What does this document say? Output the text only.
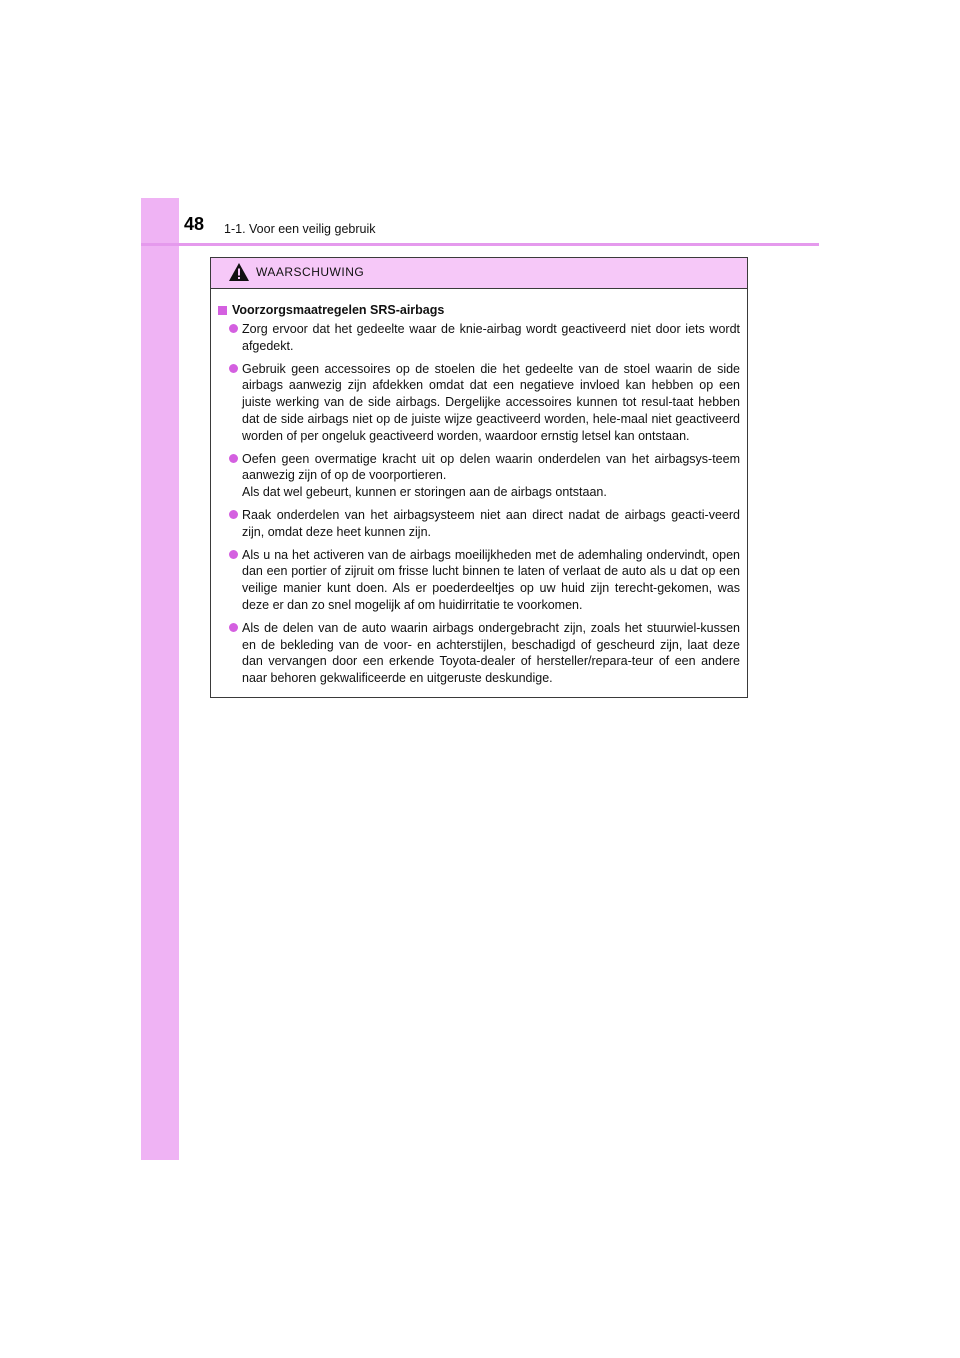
48 1-1. Voor een veilig gebruik
WAARSCHUWING
Voorzorgsmaatregelen SRS-airbags

Zorg ervoor dat het gedeelte waar de knie-airbag wordt geactiveerd niet door iets wordt afgedekt.

Gebruik geen accessoires op de stoelen die het gedeelte van de stoel waarin de side airbags aanwezig zijn afdekken omdat dat een negatieve invloed kan hebben op een juiste werking van de side airbags. Dergelijke accessoires kunnen tot resul-taat hebben dat de side airbags niet op de juiste wijze geactiveerd worden, hele-maal niet geactiveerd worden of per ongeluk geactiveerd worden, waardoor ernstig letsel kan ontstaan.

Oefen geen overmatige kracht uit op delen waarin onderdelen van het airbagsys-teem aanwezig zijn of op de voorportieren.

Als dat wel gebeurt, kunnen er storingen aan de airbags ontstaan.

Raak onderdelen van het airbagsysteem niet aan direct nadat de airbags geacti-veerd zijn, omdat deze heet kunnen zijn.

Als u na het activeren van de airbags moeilijkheden met de ademhaling ondervindt, open dan een portier of zijruit om frisse lucht binnen te laten of verlaat de auto als u dat op een veilige manier kunt doen. Als er poederdeeltjes op uw huid zijn terecht-gekomen, was deze er dan zo snel mogelijk af om huidirritatie te voorkomen.

Als de delen van de auto waarin airbags ondergebracht zijn, zoals het stuurwiel-kussen en de bekleding van de voor- en achterstijlen, beschadigd of gescheurd zijn, laat deze dan vervangen door een erkende Toyota-dealer of hersteller/repara-teur of een andere naar behoren gekwalificeerde en uitgeruste deskundige.
